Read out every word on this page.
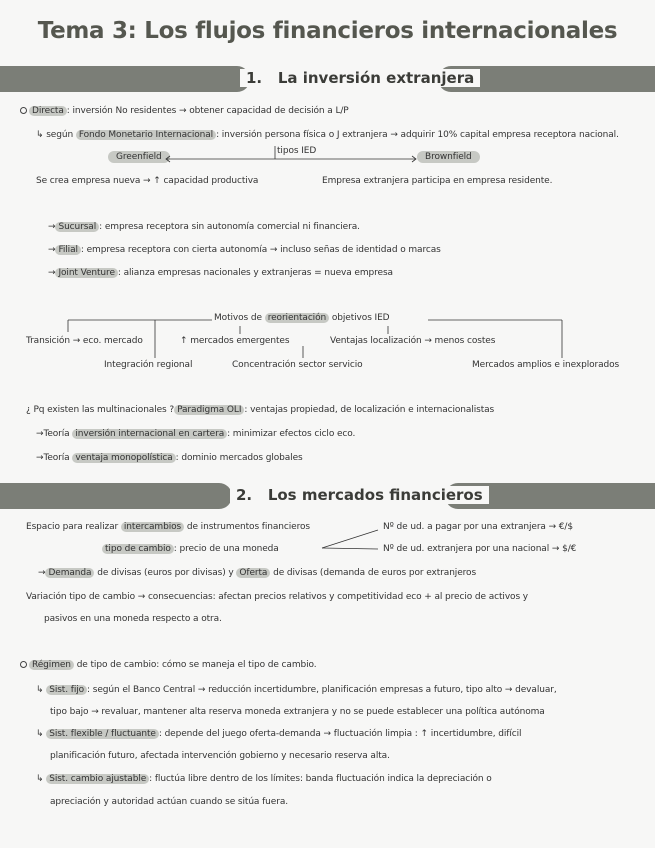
Tema 3: Los flujos financieros internacionales
1. La inversión extranjera
Directa : inversión No residentes → obtener capacidad de decisión a L/P
↳ según Fondo Monetario Internacional : inversión persona física o J extranjera → adquirir 10% capital empresa receptora nacional.
tipos IED
Greenfield	Brownfield
Se crea empresa nueva → ↑ capacidad productiva	Empresa extranjera participa en empresa residente.
→ Sucursal : empresa receptora sin autonomía comercial ni financiera.
→ Filial : empresa receptora con cierta autonomía → incluso señas de identidad o marcas
→ Joint Venture : alianza empresas nacionales y extranjeras = nueva empresa
Motivos de reorientación objetivos IED
Transición → eco. mercado	↑ mercados emergentes	Ventajas localización → menos costes
Integración regional	Concentración sector servicio	Mercados amplios e inexplorados
¿ Pq existen las multinacionales ? Paradigma OLI : ventajas propiedad, de localización e internacionalistas
→Teoría inversión internacional en cartera : minimizar efectos ciclo eco.
→Teoría ventaja monopolística : dominio mercados globales
2. Los mercados financieros
Espacio para realizar intercambios de instrumentos financieros	Nº de ud. a pagar por una extranjera → €/$
tipo de cambio : precio de una moneda	Nº de ud. extranjera por una nacional → $/€
→ Demanda de divisas (euros por divisas) y Oferta de divisas (demanda de euros por extranjeros
Variación tipo de cambio → consecuencias: afectan precios relativos y competitividad eco + al precio de activos y
pasivos en una moneda respecto a otra.
Régimen de tipo de cambio: cómo se maneja el tipo de cambio.
↳ Sist. fijo : según el Banco Central → reducción incertidumbre, planificación empresas a futuro, tipo alto → devaluar,
tipo bajo → revaluar, mantener alta reserva moneda extranjera y no se puede establecer una política autónoma
↳ Sist. flexible / fluctuante : depende del juego oferta-demanda → fluctuación limpia : ↑ incertidumbre, difícil
planificación futuro, afectada intervención gobierno y necesario reserva alta.
↳ Sist. cambio ajustable : fluctúa libre dentro de los límites: banda fluctuación indica la depreciación o
apreciación y autoridad actúan cuando se sitúa fuera.
